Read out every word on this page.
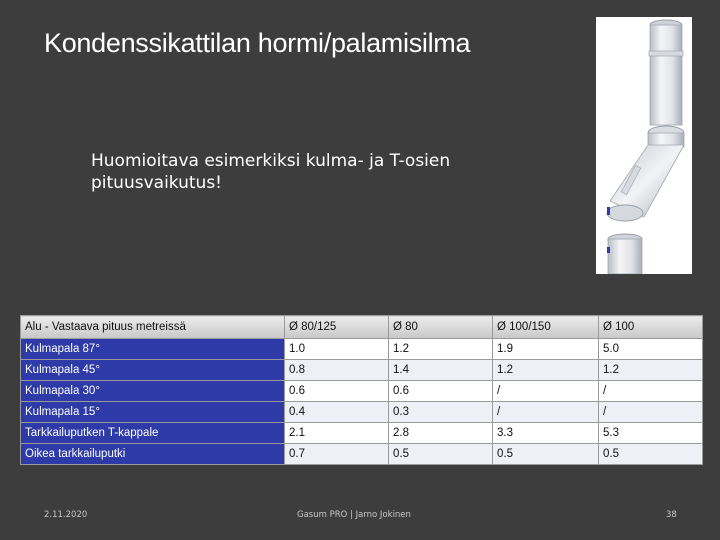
Kondenssikattilan hormi/palamisilma
Huomioitava esimerkiksi kulma- ja T-osien pituusvaikutus!
Alu - Vastaava pituus metreissä	Ø 80/125	Ø 80	Ø 100/150	Ø 100
Kulmapala 87°	1.0	1.2	1.9	5.0
Kulmapala 45°	0.8	1.4	1.2	1.2
Kulmapala 30°	0.6	0.6	/	/
Kulmapala 15°	0.4	0.3	/	/
Tarkkailuputken T-kappale	2.1	2.8	3.3	5.3
Oikea tarkkailuputki	0.7	0.5	0.5	0.5
2.11.2020	Gasum PRO | Jarno Jokinen	38
